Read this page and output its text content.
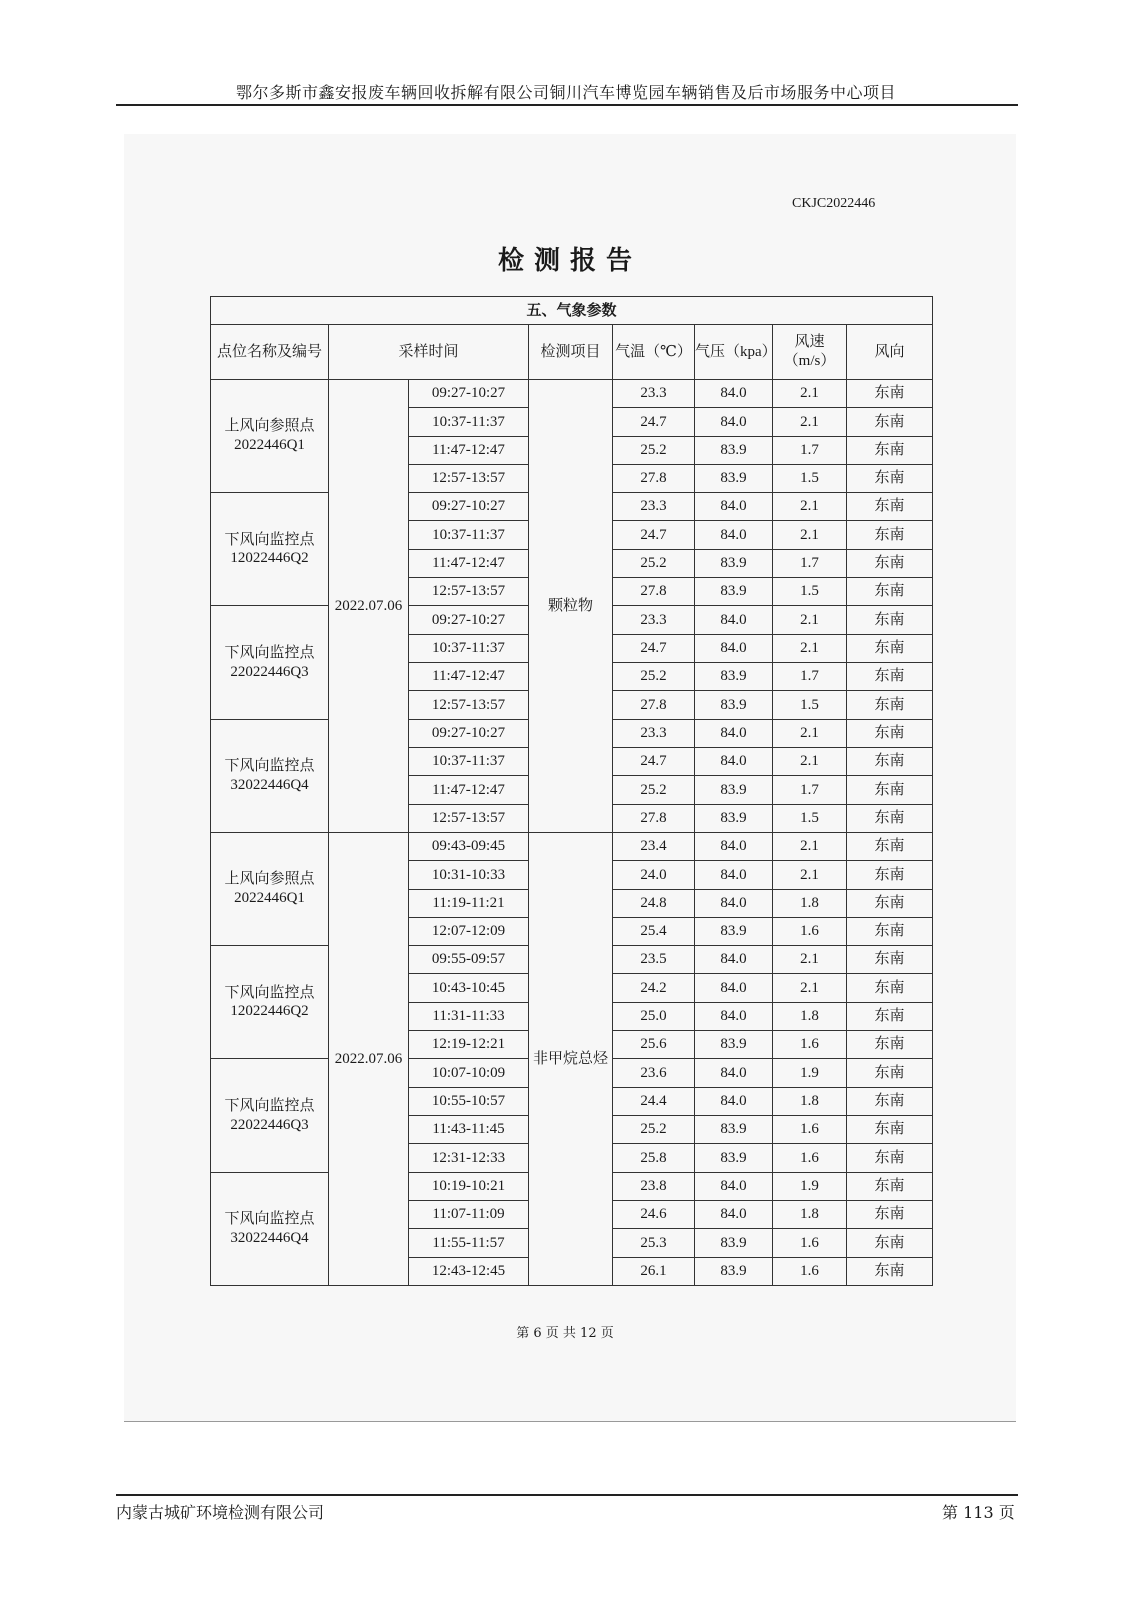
鄂尔多斯市鑫安报废车辆回收拆解有限公司铜川汽车博览园车辆销售及后市场服务中心项目
CKJC2022446
检测报告
五、气象参数							
点位名称及编号	采样时间		检测项目	气温（℃）	气压（kpa）	风速（m/s）	风向
上风向参照点2022446Q1	2022.07.06	09:27-10:27	颗粒物	23.3	84.0	2.1	东南
		10:37-11:37		24.7	84.0	2.1	东南
		11:47-12:47		25.2	83.9	1.7	东南
		12:57-13:57		27.8	83.9	1.5	东南
下风向监控点12022446Q2		09:27-10:27		23.3	84.0	2.1	东南
		10:37-11:37		24.7	84.0	2.1	东南
		11:47-12:47		25.2	83.9	1.7	东南
		12:57-13:57		27.8	83.9	1.5	东南
下风向监控点22022446Q3		09:27-10:27		23.3	84.0	2.1	东南
		10:37-11:37		24.7	84.0	2.1	东南
		11:47-12:47		25.2	83.9	1.7	东南
		12:57-13:57		27.8	83.9	1.5	东南
下风向监控点32022446Q4		09:27-10:27		23.3	84.0	2.1	东南
		10:37-11:37		24.7	84.0	2.1	东南
		11:47-12:47		25.2	83.9	1.7	东南
		12:57-13:57		27.8	83.9	1.5	东南
上风向参照点2022446Q1	2022.07.06	09:43-09:45	非甲烷总烃	23.4	84.0	2.1	东南
		10:31-10:33		24.0	84.0	2.1	东南
		11:19-11:21		24.8	84.0	1.8	东南
		12:07-12:09		25.4	83.9	1.6	东南
下风向监控点12022446Q2		09:55-09:57		23.5	84.0	2.1	东南
		10:43-10:45		24.2	84.0	2.1	东南
		11:31-11:33		25.0	84.0	1.8	东南
		12:19-12:21		25.6	83.9	1.6	东南
下风向监控点22022446Q3		10:07-10:09		23.6	84.0	1.9	东南
		10:55-10:57		24.4	84.0	1.8	东南
		11:43-11:45		25.2	83.9	1.6	东南
		12:31-12:33		25.8	83.9	1.6	东南
下风向监控点32022446Q4		10:19-10:21		23.8	84.0	1.9	东南
		11:07-11:09		24.6	84.0	1.8	东南
		11:55-11:57		25.3	83.9	1.6	东南
		12:43-12:45		26.1	83.9	1.6	东南
第 6 页 共 12 页
内蒙古城矿环境检测有限公司	第 113 页
